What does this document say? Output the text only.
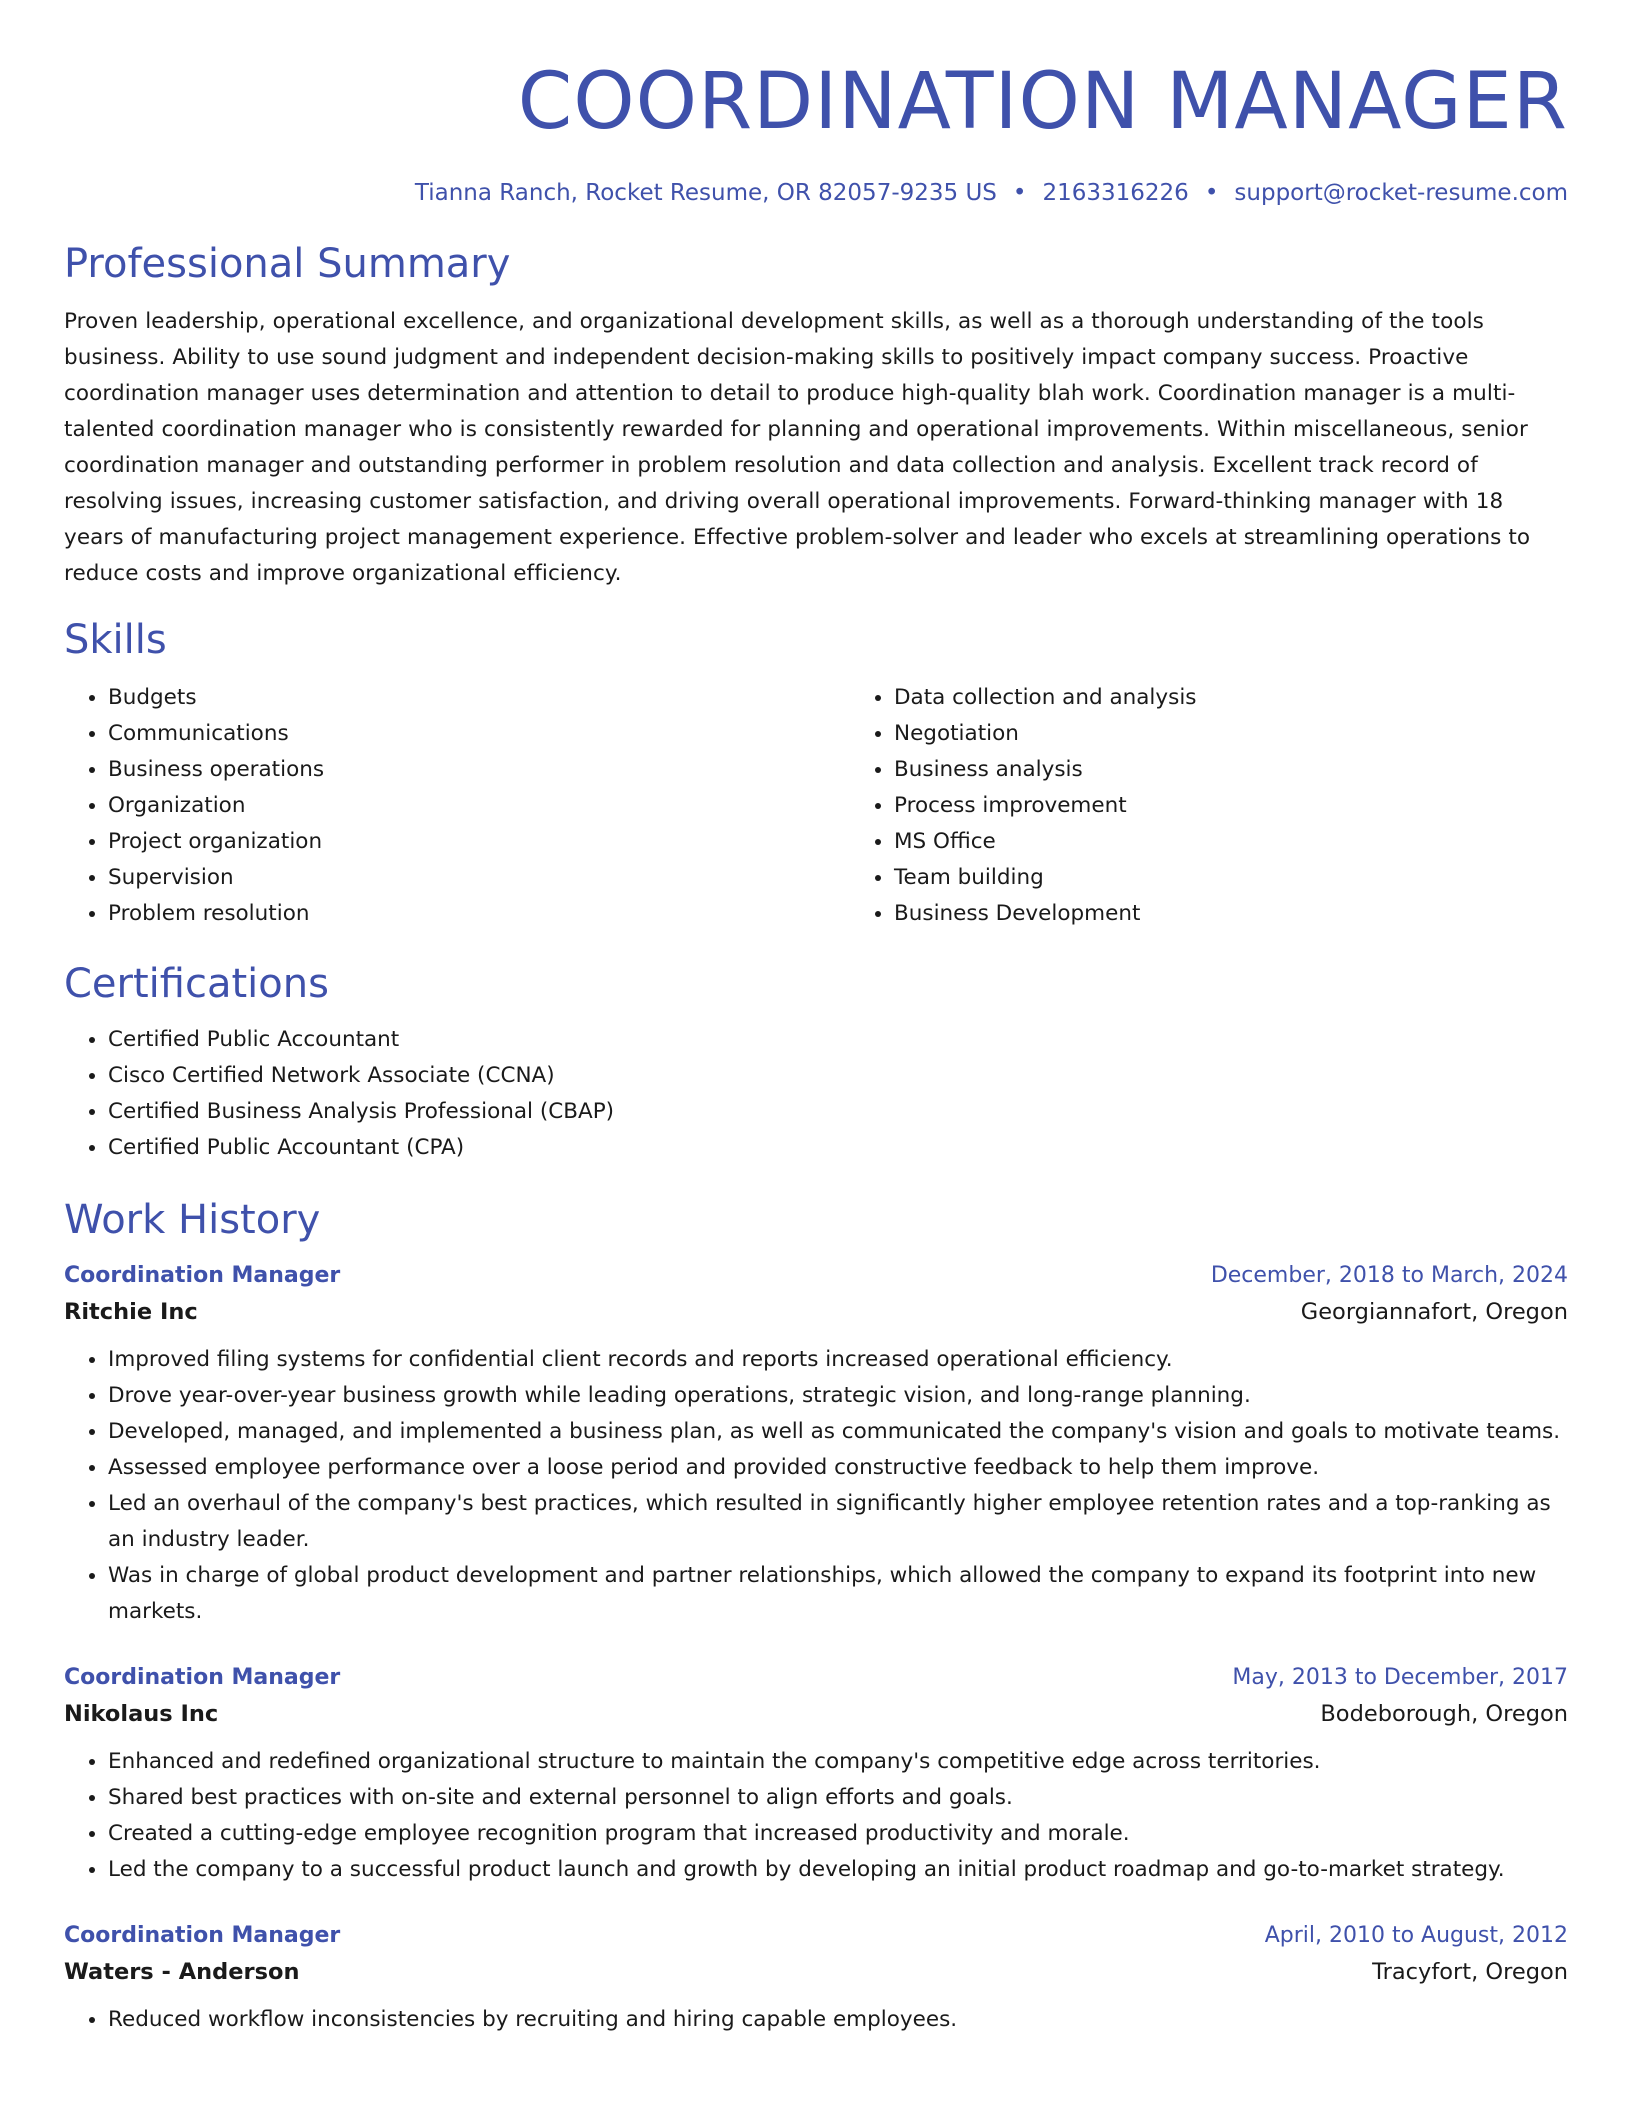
COORDINATION MANAGER
Tianna Ranch, Rocket Resume, OR 82057-9235 US • 2163316226 • support@rocket-resume.com
Professional Summary

Proven leadership, operational excellence, and organizational development skills, as well as a thorough understanding of the tools business. Ability to use sound judgment and independent decision-making skills to positively impact company success. Proactive coordination manager uses determination and attention to detail to produce high-quality blah work. Coordination manager is a multi-talented coordination manager who is consistently rewarded for planning and operational improvements. Within miscellaneous, senior coordination manager and outstanding performer in problem resolution and data collection and analysis. Excellent track record of resolving issues, increasing customer satisfaction, and driving overall operational improvements. Forward-thinking manager with 18 years of manufacturing project management experience. Effective problem-solver and leader who excels at streamlining operations to reduce costs and improve organizational efficiency.

Skills
• Budgets
• Communications
• Business operations
• Organization
• Project organization
• Supervision
• Problem resolution
• Data collection and analysis
• Negotiation
• Business analysis
• Process improvement
• MS Office
• Team building
• Business Development
Certifications
• Certified Public Accountant
• Cisco Certified Network Associate (CCNA)
• Certified Business Analysis Professional (CBAP)
• Certified Public Accountant (CPA)
Work History
Coordination Manager	December, 2018 to March, 2024
Ritchie Inc	Georgiannafort, Oregon
• Improved filing systems for confidential client records and reports increased operational efficiency.
• Drove year-over-year business growth while leading operations, strategic vision, and long-range planning.
• Developed, managed, and implemented a business plan, as well as communicated the company's vision and goals to motivate teams.
• Assessed employee performance over a loose period and provided constructive feedback to help them improve.
• Led an overhaul of the company's best practices, which resulted in significantly higher employee retention rates and a top-ranking as an industry leader.
• Was in charge of global product development and partner relationships, which allowed the company to expand its footprint into new markets.
Coordination Manager	May, 2013 to December, 2017
Nikolaus Inc	Bodeborough, Oregon
• Enhanced and redefined organizational structure to maintain the company's competitive edge across territories.
• Shared best practices with on-site and external personnel to align efforts and goals.
• Created a cutting-edge employee recognition program that increased productivity and morale.
• Led the company to a successful product launch and growth by developing an initial product roadmap and go-to-market strategy.
Coordination Manager	April, 2010 to August, 2012
Waters - Anderson	Tracyfort, Oregon
• Reduced workflow inconsistencies by recruiting and hiring capable employees.
